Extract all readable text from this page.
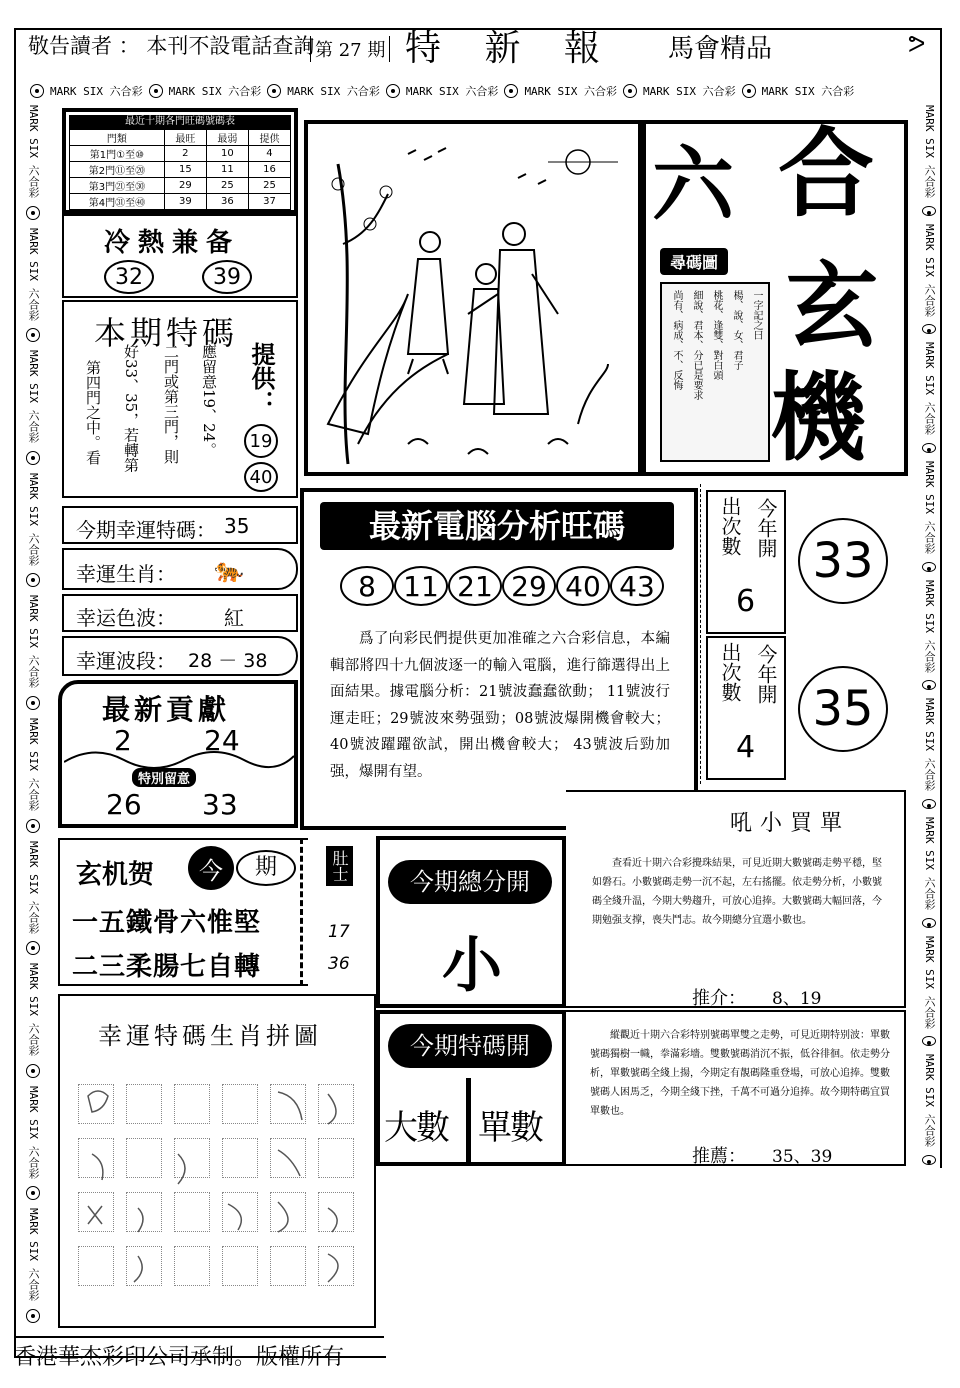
敬告讀者 ： 本刊不設電話查詢 第 27 期 特 新 報 馬會精品	ᕗ
MARK SIX 六合彩 MARK SIX 六合彩 MARK SIX 六合彩 MARK SIX 六合彩 MARK SIX 六合彩 MARK SIX 六合彩 MARK SIX 六合彩
MARK SIX 六合彩
MARK SIX 六合彩
MARK SIX 六合彩
MARK SIX 六合彩
MARK SIX 六合彩
MARK SIX 六合彩
MARK SIX 六合彩
MARK SIX 六合彩
MARK SIX 六合彩
MARK SIX 六合彩
MARK SIX 六合彩
MARK SIX 六合彩
MARK SIX 六合彩
MARK SIX 六合彩
MARK SIX 六合彩
MARK SIX 六合彩
MARK SIX 六合彩
MARK SIX 六合彩
MARK SIX 六合彩
最近十期各門旺碼號碼表
門類	最旺	最弱	提供
第1門①至⑩	2	10	4
第2門⑪至⑳	15	11	16
第3門㉑至㉚	29	25	25
第4門㉛至㊵	39	36	37

冷熱兼备
32	39
本期特碼
第四門之中。看 好33、35，若轉第 二門或第三門，則 應留意19、24。 提供：
19
40
今期幸運特碼： 35
幸運生肖： 🐅
幸运色波： 紅
幸運波段： 28 － 38
最新貢獻
2	24
特別留意
26 33
六 合
玄
機
尋碼圖
一字記之曰
楊、說、女、君子
桃花、逢雙、對白頭
細說、君本、分已是要求
尚有、病成、不、反悔
最新電腦分析旺碼
8 11 21 29 40 43
爲了向彩民們提供更加准確之六合彩信息，本編輯部將四十九個波逐一的輸入電腦，進行篩選得出上面結果。據電腦分析：21號波蠢蠢欲動； 11號波行運走旺；29號波來勢强勁；08號波爆開機會較大； 40號波躍躍欲試，開出機會較大； 43號波后勁加强，爆開有望。
出次數 今年開
6
33
出次數 今年開
4
35
玄机贺	今	期
一五鐵骨六惟堅
二三柔腸七自轉
肚士
17
36
今期總分開
小
吼小買單
查看近十期六合彩攪珠結果，可見近期大數號碼走勢平穩，堅如磐石。小數號碼走勢一沉不起，左右搖擺。依走勢分析，小數號碼全綫升温，今期大勢趨升，可放心追捧。大數號碼大幅回落，今期勉强支撑，喪失鬥志。故今期總分宜選小數也。
推介： 8、19
今期特碼開
大數 單數
縱觀近十期六合彩特别號碼單雙之走勢，可見近期特别波：單數號碼獨樹一幟，拳滿彩墻。雙數號碼消沉不振，低谷徘徊。依走勢分析，單數號碼全綫上揚，今期定有靚碼隆重登場，可放心追捧。雙數號碼人困馬乏，今期全綫下挫，千萬不可過分追捧。故今期特碼宜買單數也。
推薦： 35、39
幸運特碼生肖拼圖
香港華杰彩印公司承制。版權所有
